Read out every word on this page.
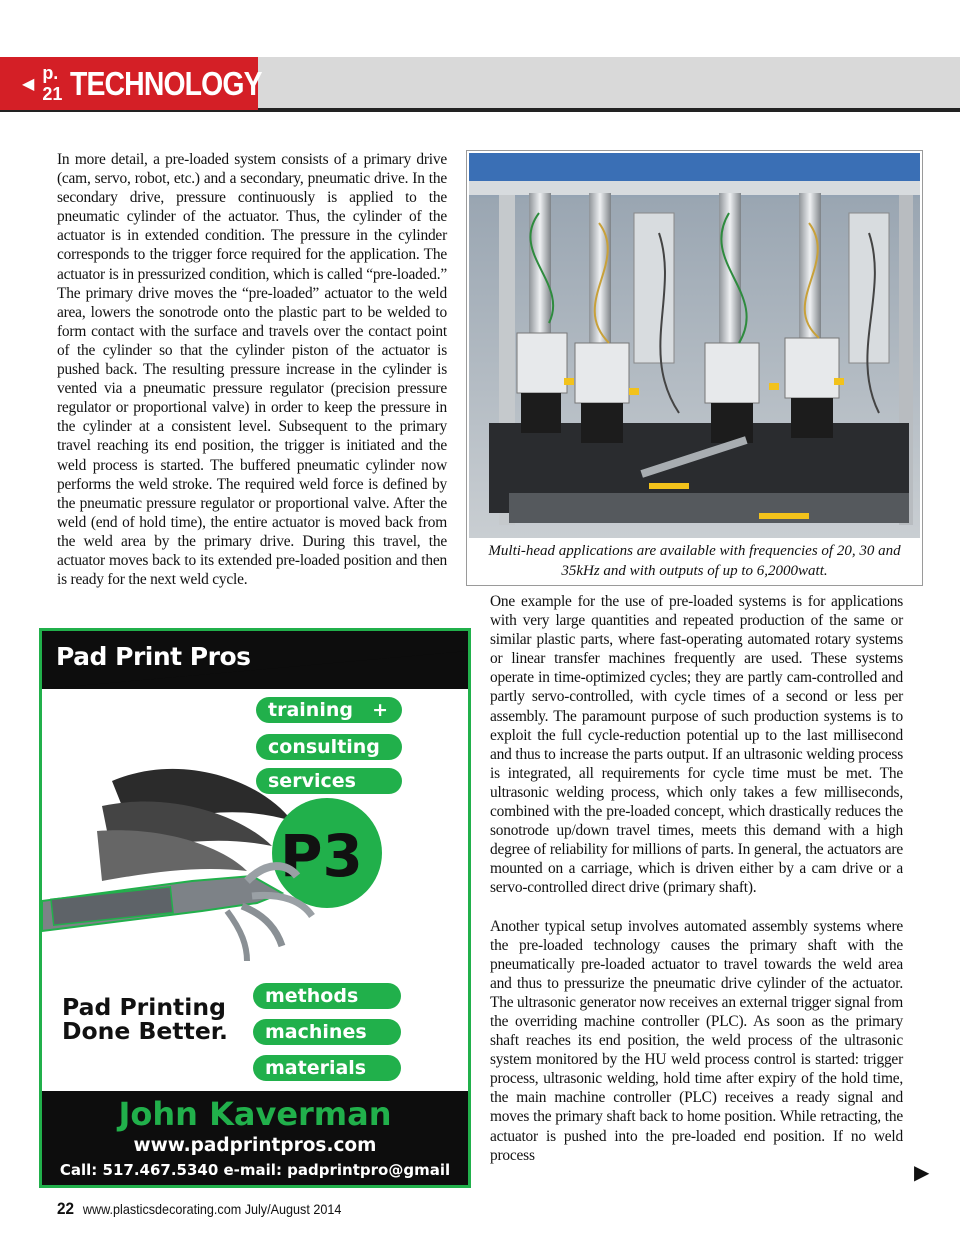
◀
p. 21 TECHNOLOGY
In more detail, a pre-loaded system consists of a primary drive (cam, servo, robot, etc.) and a secondary, pneumatic drive. In the secondary drive, pressure continuously is applied to the pneumatic cylinder of the actuator. Thus, the cylinder of the actuator is in extended condition. The pressure in the cylinder corresponds to the trigger force required for the application. The actuator is in pressurized condition, which is called “pre-loaded.” The primary drive moves the “pre-loaded” actuator to the weld area, lowers the sonotrode onto the plastic part to be welded to form contact with the surface and travels over the contact point of the cylinder so that the cylinder piston of the actuator is pushed back. The resulting pressure increase in the cylinder is vented via a pneumatic pressure regulator (precision pressure regulator or proportional valve) in order to keep the pressure in the cylinder at a consistent level. Subsequent to the primary travel reaching its end position, the trigger is initiated and the weld process is started. The buffered pneumatic cylinder now performs the weld stroke. The required weld force is defined by the pneumatic pressure regulator or proportional valve. After the weld (end of hold time), the entire actuator is moved back from the weld area by the primary drive. During this travel, the actuator moves back to its extended pre-loaded position and then is ready for the next weld cycle.
Multi-head applications are available with frequencies of 20, 30 and 35kHz and with outputs of up to 6,2000watt.

One example for the use of pre-loaded systems is for applications with very large quantities and repeated production of the same or similar plastic parts, where fast-operating automated rotary systems or linear transfer machines frequently are used. These systems operate in time-optimized cycles; they are partly cam-controlled and partly servo-controlled, with cycle times of a second or less per assembly. The paramount purpose of such production systems is to exploit the full cycle-reduction potential up to the last millisecond and thus to increase the parts output. If an ultrasonic welding process is integrated, all requirements for cycle time must be met. The ultrasonic welding process, which only takes a few milliseconds, combined with the pre-loaded concept, which drastically reduces the sonotrode up/down travel times, meets this demand with a high degree of reliability for millions of parts. In general, the actuators are mounted on a carriage, which is driven either by a cam drive or a servo-controlled direct drive (primary shaft).

Another typical setup involves automated assembly systems where the pre-loaded technology causes the primary shaft with the pneumatically pre-loaded actuator to travel towards the weld area and thus to pressurize the pneumatic drive cylinder of the actuator. The ultrasonic generator now receives an external trigger signal from the overriding machine controller (PLC). As soon as the primary shaft reaches its end position, the weld process of the ultrasonic system monitored by the HU weld process control is started: trigger process, ultrasonic welding, hold time after expiry of the hold time, the main machine controller (PLC) receives a ready signal and moves the primary shaft back to home position. While retracting, the actuator is pushed into the pre-loaded end position. If no weld process

▶
Pad Print Pros
training +
consulting
services
P3
Pad Printing
Done Better.
methods
machines
materials
John Kaverman
www.padprintpros.com
Call: 517.467.5340 e-mail: padprintpro@gmail
22 www.plasticsdecorating.com July/August 2014
